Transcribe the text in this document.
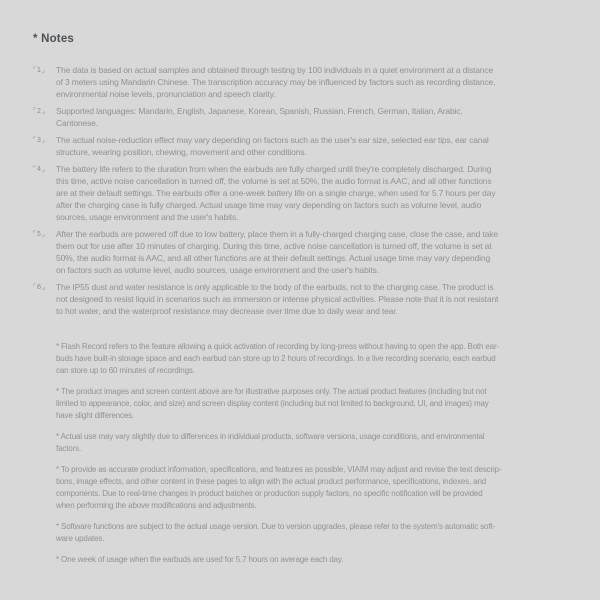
* Notes
⌜1⌟	The data is based on actual samples and obtained through testing by 100 individuals in a quiet environment at a distance
of 3 meters using Mandarin Chinese. The transcription accuracy may be influenced by factors such as recording distance,
environmental noise levels, pronunciation and speech clarity.
⌜2⌟	Supported languages: Mandarin, English, Japanese, Korean, Spanish, Russian, French, German, Italian, Arabic,
Cantonese.
⌜3⌟	The actual noise-reduction effect may vary depending on factors such as the user's ear size, selected ear tips, ear canal
structure, wearing position, chewing, movement and other conditions.
⌜4⌟	The battery life refers to the duration from when the earbuds are fully charged until they're completely discharged. During
this time, active noise cancellation is turned off, the volume is set at 50%, the audio format is AAC, and all other functions
are at their default settings. The earbuds offer a one-week battery life on a single charge, when used for 5.7 hours per day
after the charging case is fully charged. Actual usage time may vary depending on factors such as volume level, audio
sources, usage environment and the user's habits.
⌜5⌟	After the earbuds are powered off due to low battery, place them in a fully-charged charging case, close the case, and take
them out for use after 10 minutes of charging. During this time, active noise cancellation is turned off, the volume is set at
50%, the audio format is AAC, and all other functions are at their default settings. Actual usage time may vary depending
on factors such as volume level, audio sources, usage environment and the user's habits.
⌜6⌟	The IP55 dust and water resistance is only applicable to the body of the earbuds, not to the charging case. The product is
not designed to resist liquid in scenarios such as immersion or intense physical activities. Please note that it is not resistant
to hot water, and the waterproof resistance may decrease over time due to daily wear and tear.
* Flash Record refers to the feature allowing a quick activation of recording by long-press without having to open the app. Both ear-
buds have built-in storage space and each earbud can store up to 2 hours of recordings. In a live recording scenario, each earbud
can store up to 60 minutes of recordings.
* The product images and screen content above are for illustrative purposes only. The actual product features (including but not
limited to appearance, color, and size) and screen display content (including but not limited to background, UI, and images) may
have slight differences.
* Actual use may vary slightly due to differences in individual products, software versions, usage conditions, and environmental
factors.
* To provide as accurate product information, specifications, and features as possible, VIAIM may adjust and revise the text descrip-
tions, image effects, and other content in these pages to align with the actual product performance, specifications, indexes, and
components. Due to real-time changes in product batches or production supply factors, no specific notification will be provided
when performing the above modifications and adjustments.
* Software functions are subject to the actual usage version. Due to version upgrades, please refer to the system's automatic soft-
ware updates.
* One week of usage when the earbuds are used for 5.7 hours on average each day.
